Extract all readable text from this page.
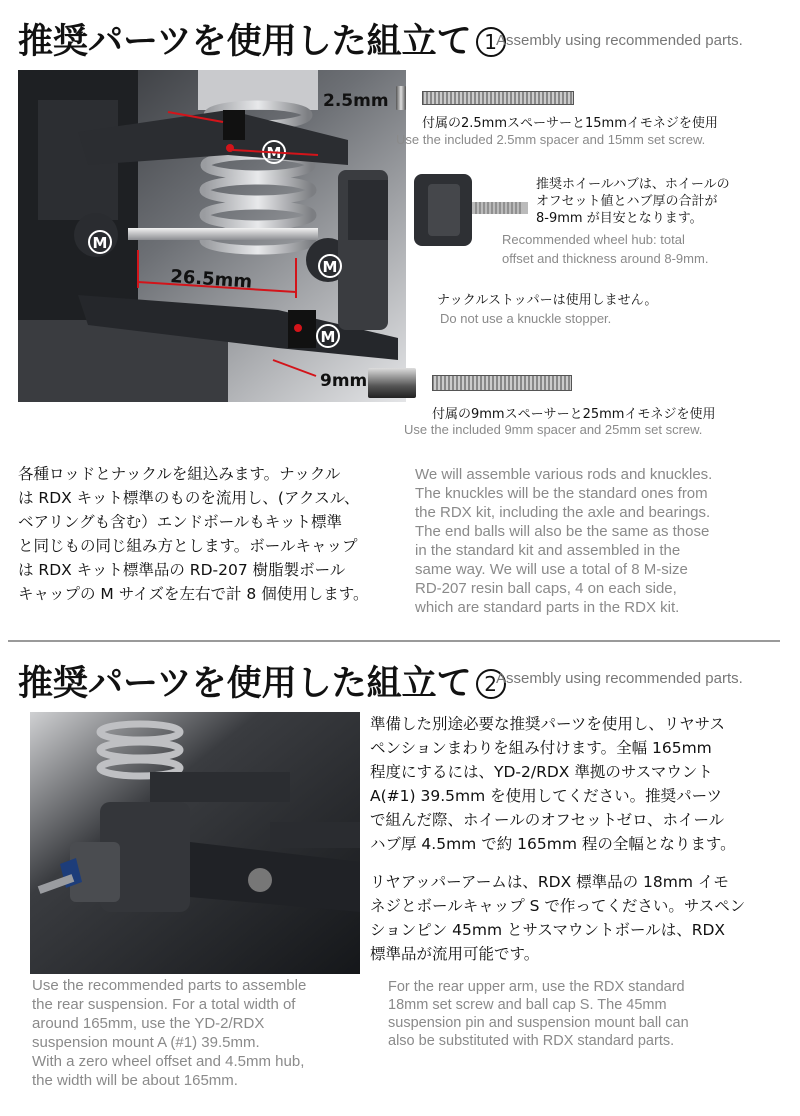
推奨パーツを使用した組立て 1 Assembly using recommended parts.
M
M
M
2.5mm
26.5mm
9mm
付属の2.5mmスペーサーと15mmイモネジを使用
Use the included 2.5mm spacer and 15mm set screw.
推奨ホイールハブは、ホイールの
オフセット値とハブ厚の合計が
8-9mm が目安となります。
Recommended wheel hub: total
offset and thickness around 8-9mm.
ナックルストッパーは使用しません。
Do not use a knuckle stopper.
付属の9mmスペーサーと25mmイモネジを使用
Use the included 9mm spacer and 25mm set screw.
各種ロッドとナックルを組込みます。ナックル
は RDX キット標準のものを流用し、(アクスル、
ベアリングも含む）エンドボールもキット標準
と同じもの同じ組み方とします。ボールキャップ
は RDX キット標準品の RD-207 樹脂製ボール
キャップの M サイズを左右で計 8 個使用します。
We will assemble various rods and knuckles.
The knuckles will be the standard ones from
the RDX kit, including the axle and bearings.
The end balls will also be the same as those
in the standard kit and assembled in the
same way. We will use a total of 8 M-size
RD-207 resin ball caps, 4 on each side,
which are standard parts in the RDX kit.
推奨パーツを使用した組立て 2 Assembly using recommended parts.
準備した別途必要な推奨パーツを使用し、リヤサス
ペンションまわりを組み付けます。全幅 165mm
程度にするには、YD-2/RDX 準拠のサスマウント
A(#1) 39.5mm を使用してください。推奨パーツ
で組んだ際、ホイールのオフセットゼロ、ホイール
ハブ厚 4.5mm で約 165mm 程の全幅となります。
リヤアッパーアームは、RDX 標準品の 18mm イモ
ネジとボールキャップ S で作ってください。サスペン
ションピン 45mm とサスマウントボールは、RDX
標準品が流用可能です。
Use the recommended parts to assemble
the rear suspension. For a total width of
around 165mm, use the YD-2/RDX
suspension mount A (#1) 39.5mm.
With a zero wheel offset and 4.5mm hub,
the width will be about 165mm.
For the rear upper arm, use the RDX standard
18mm set screw and ball cap S. The 45mm
suspension pin and suspension mount ball can
also be substituted with RDX standard parts.
